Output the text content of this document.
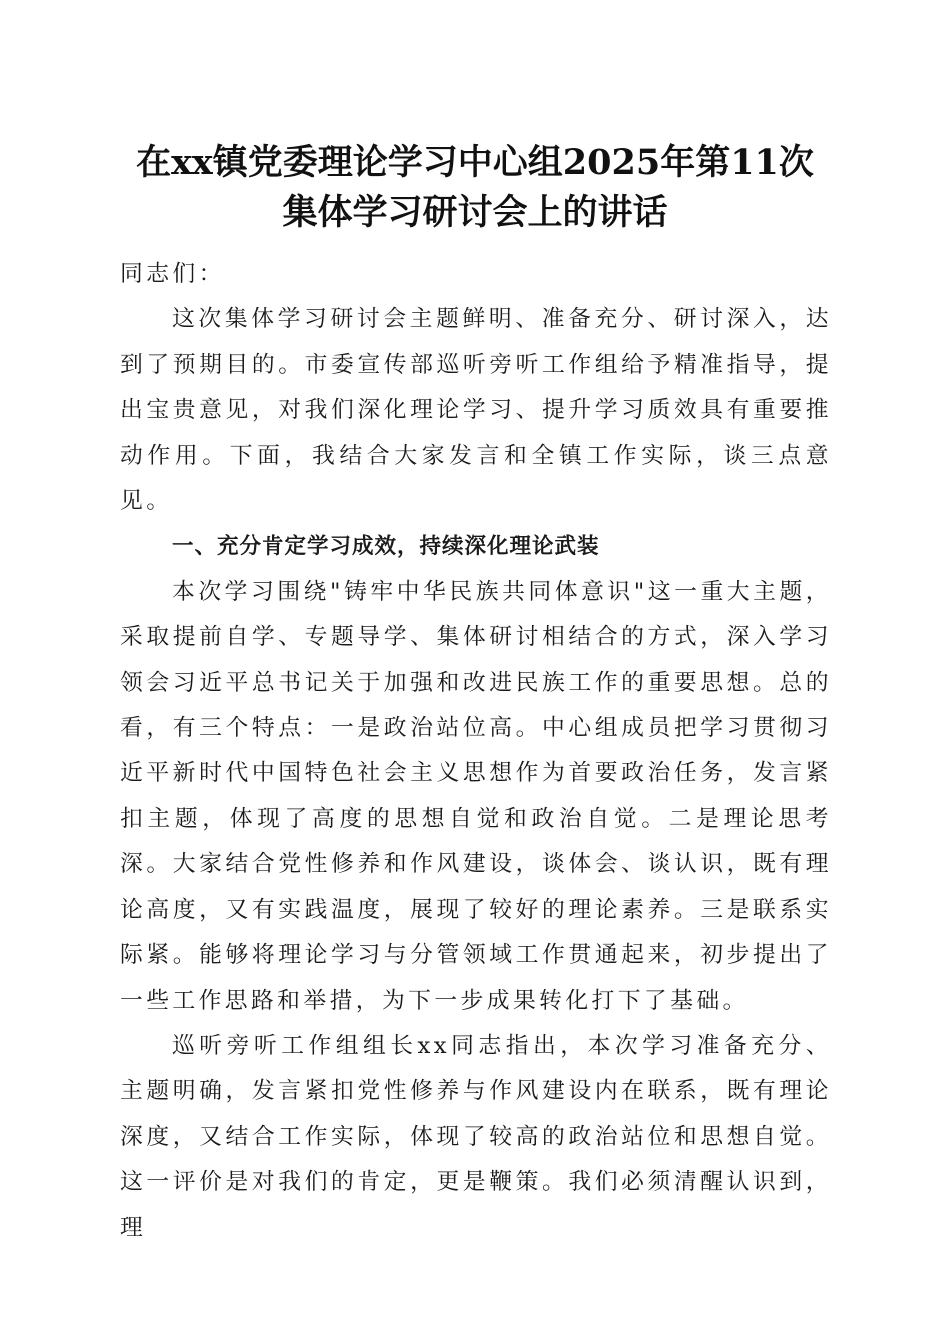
在xx镇党委理论学习中心组2025年第11次
集体学习研讨会上的讲话

同志们：

这次集体学习研讨会主题鲜明、准备充分、研讨深入，达到了预期目的。市委宣传部巡听旁听工作组给予精准指导，提出宝贵意见，对我们深化理论学习、提升学习质效具有重要推动作用。下面，我结合大家发言和全镇工作实际，谈三点意见。

一、充分肯定学习成效，持续深化理论武装

本次学习围绕"铸牢中华民族共同体意识"这一重大主题，采取提前自学、专题导学、集体研讨相结合的方式，深入学习领会习近平总书记关于加强和改进民族工作的重要思想。总的看，有三个特点：一是政治站位高。中心组成员把学习贯彻习近平新时代中国特色社会主义思想作为首要政治任务，发言紧扣主题，体现了高度的思想自觉和政治自觉。二是理论思考深。大家结合党性修养和作风建设，谈体会、谈认识，既有理论高度，又有实践温度，展现了较好的理论素养。三是联系实际紧。能够将理论学习与分管领域工作贯通起来，初步提出了一些工作思路和举措，为下一步成果转化打下了基础。

巡听旁听工作组组长xx同志指出，本次学习准备充分、主题明确，发言紧扣党性修养与作风建设内在联系，既有理论深度，又结合工作实际，体现了较高的政治站位和思想自觉。这一评价是对我们的肯定，更是鞭策。我们必须清醒认识到，理
